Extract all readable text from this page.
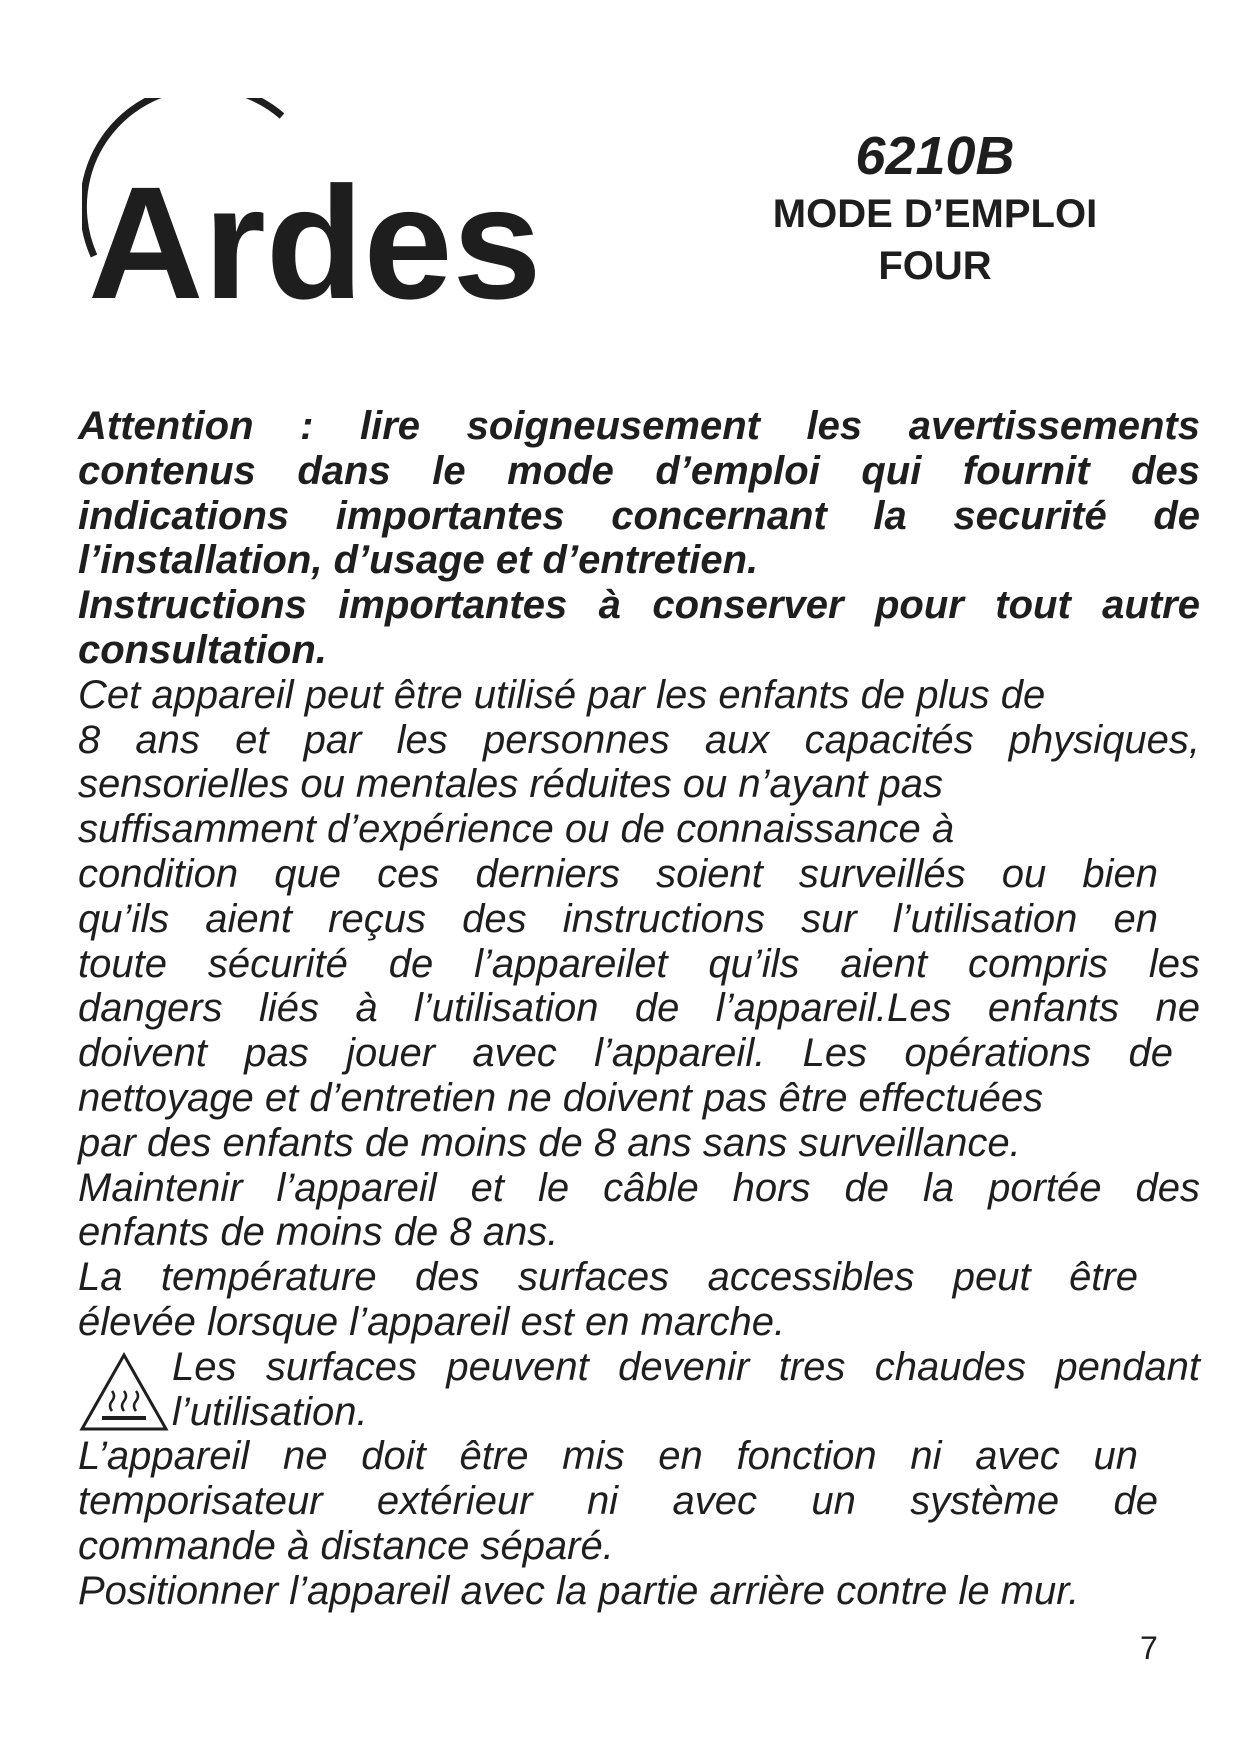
Ardes	6210B
MODE D’EMPLOI
FOUR
Attention : lire soigneusement les avertissements
contenus dans le mode d’emploi qui fournit des
indications importantes concernant la securité de
l’installation, d’usage et d’entretien.
Instructions importantes à conserver pour tout autre
consultation.
Cet appareil peut être utilisé par les enfants de plus de
8 ans et par les personnes aux capacités physiques,
sensorielles ou mentales réduites ou n’ayant pas
suffisamment d’expérience ou de connaissance à
condition que ces derniers soient surveillés ou bien
qu’ils aient reçus des instructions sur l’utilisation en
toute sécurité de l’appareilet qu’ils aient compris les
dangers liés à l’utilisation de l’appareil.Les enfants ne
doivent pas jouer avec l’appareil. Les opérations de
nettoyage et d’entretien ne doivent pas être effectuées
par des enfants de moins de 8 ans sans surveillance.
Maintenir l’appareil et le câble hors de la portée des
enfants de moins de 8 ans.
La température des surfaces accessibles peut être
élevée lorsque l’appareil est en marche.
Les surfaces peuvent devenir tres chaudes pendant
l’utilisation.
L’appareil ne doit être mis en fonction ni avec un
temporisateur extérieur ni avec un système de
commande à distance séparé.
Positionner l’appareil avec la partie arrière contre le mur.
7
